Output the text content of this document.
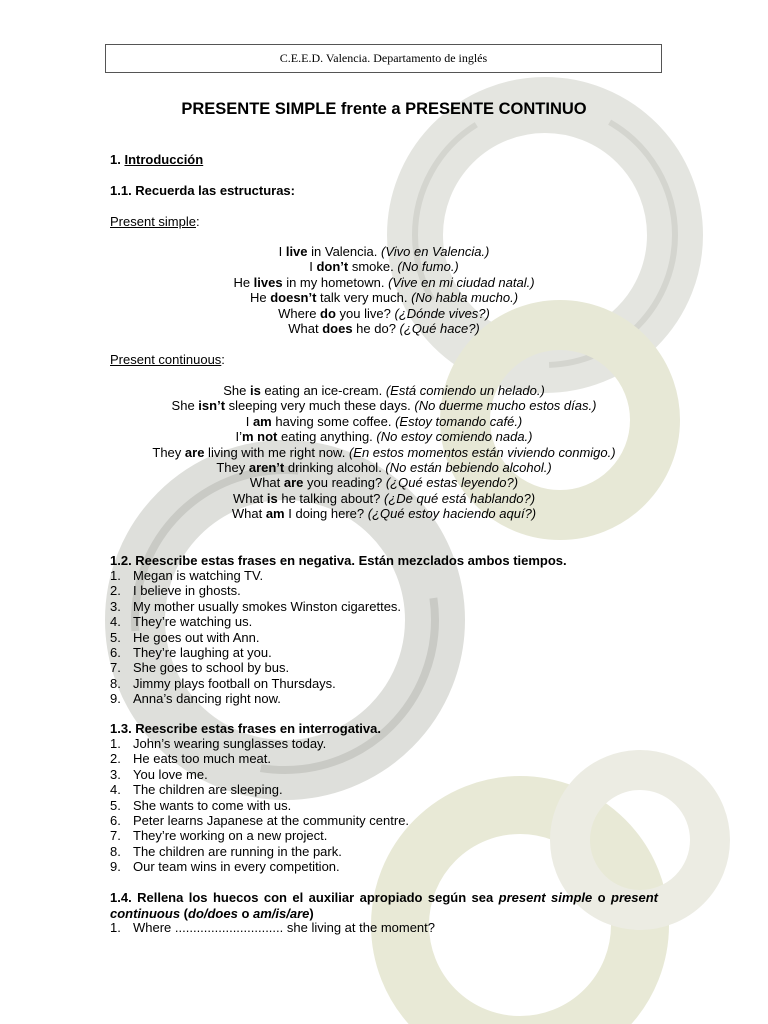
C.E.E.D. Valencia. Departamento de inglés
PRESENTE SIMPLE frente a PRESENTE CONTINUO
1. Introducción
1.1. Recuerda las estructuras:
Present simple:
I live in Valencia. (Vivo en Valencia.)
I don’t smoke. (No fumo.)
He lives in my hometown. (Vive en mi ciudad natal.)
He doesn’t talk very much. (No habla mucho.)
Where do you live? (¿Dónde vives?)
What does he do? (¿Qué hace?)
Present continuous:
She is eating an ice-cream. (Está comiendo un helado.)
She isn’t sleeping very much these days. (No duerme mucho estos días.)
I am having some coffee. (Estoy tomando café.)
I’m not eating anything. (No estoy comiendo nada.)
They are living with me right now. (En estos momentos están viviendo conmigo.)
They aren’t drinking alcohol. (No están bebiendo alcohol.)
What are you reading? (¿Qué estas leyendo?)
What is he talking about? (¿De qué está hablando?)
What am I doing here? (¿Qué estoy haciendo aquí?)
1.2. Reescribe estas frases en negativa. Están mezclados ambos tiempos.
1. Megan is watching TV.
2. I believe in ghosts.
3. My mother usually smokes Winston cigarettes.
4. They’re watching us.
5. He goes out with Ann.
6. They’re laughing at you.
7. She goes to school by bus.
8. Jimmy plays football on Thursdays.
9. Anna’s dancing right now.
1.3. Reescribe estas frases en interrogativa.
1. John’s wearing sunglasses today.
2. He eats too much meat.
3. You love me.
4. The children are sleeping.
5. She wants to come with us.
6. Peter learns Japanese at the community centre.
7. They’re working on a new project.
8. The children are running in the park.
9. Our team wins in every competition.
1.4. Rellena los huecos con el auxiliar apropiado según sea present simple o present continuous (do/does o am/is/are)
1. Where .............................. she living at the moment?
